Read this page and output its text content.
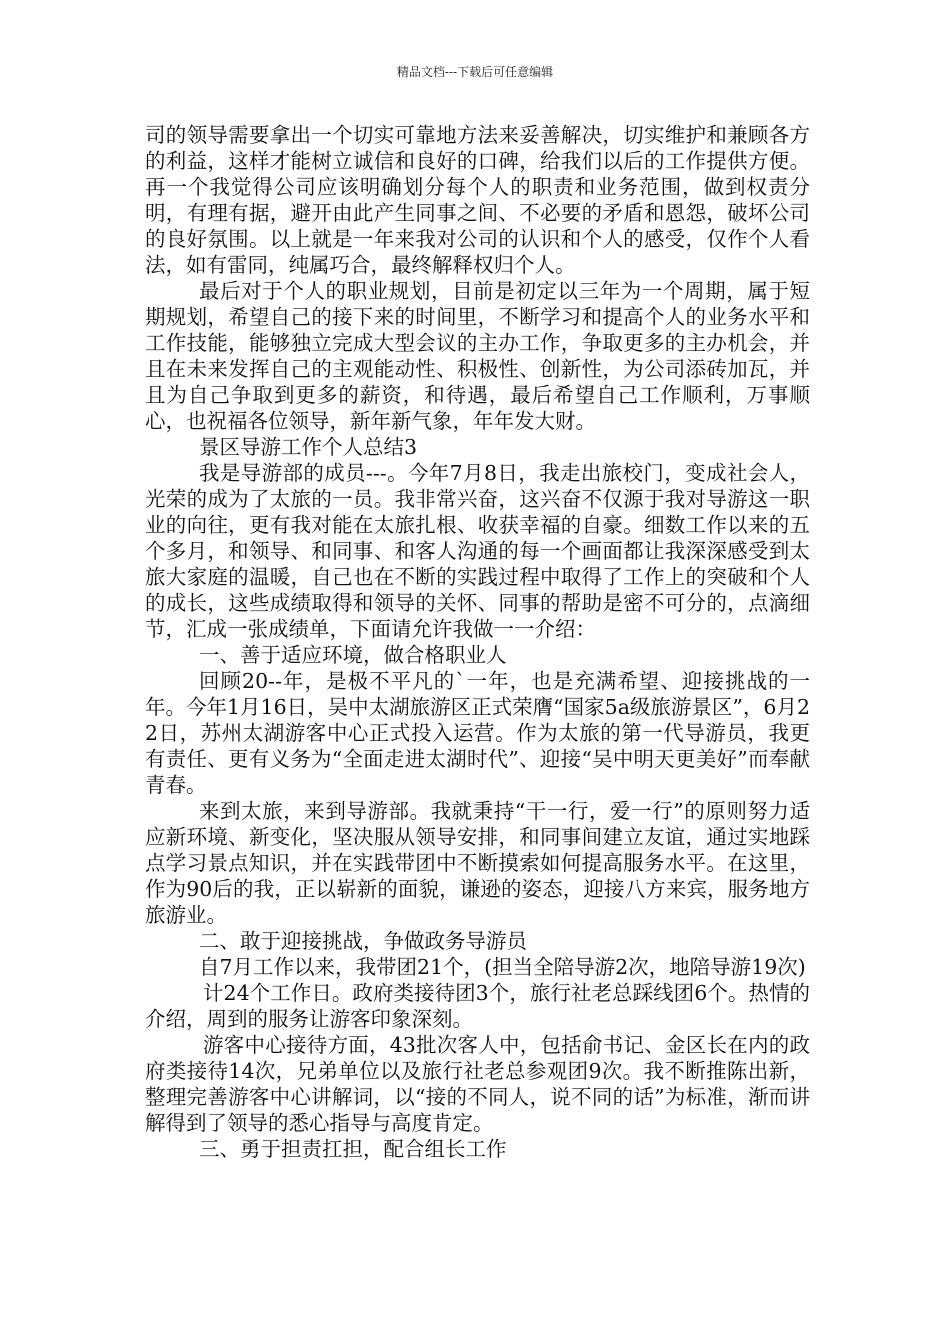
精品文档---下载后可任意编辑

司的领导需要拿出一个切实可靠地方法来妥善解决，切实维护和兼顾各方的利益，这样才能树立诚信和良好的口碑，给我们以后的工作提供方便。再一个我觉得公司应该明确划分每个人的职责和业务范围，做到权责分明，有理有据，避开由此产生同事之间、不必要的矛盾和恩怨，破坏公司的良好氛围。以上就是一年来我对公司的认识和个人的感受，仅作个人看法，如有雷同，纯属巧合，最终解释权归个人。

最后对于个人的职业规划，目前是初定以三年为一个周期，属于短期规划，希望自己的接下来的时间里，不断学习和提高个人的业务水平和工作技能，能够独立完成大型会议的主办工作，争取更多的主办机会，并且在未来发挥自己的主观能动性、积极性、创新性，为公司添砖加瓦，并且为自己争取到更多的薪资，和待遇，最后希望自己工作顺利，万事顺心，也祝福各位领导，新年新气象，年年发大财。

景区导游工作个人总结3

我是导游部的成员---。今年7月8日，我走出旅校门，变成社会人，光荣的成为了太旅的一员。我非常兴奋，这兴奋不仅源于我对导游这一职业的向往，更有我对能在太旅扎根、收获幸福的自豪。细数工作以来的五个多月，和领导、和同事、和客人沟通的每一个画面都让我深深感受到太旅大家庭的温暖，自己也在不断的实践过程中取得了工作上的突破和个人的成长，这些成绩取得和领导的关怀、同事的帮助是密不可分的，点滴细节，汇成一张成绩单，下面请允许我做一一介绍：

一、善于适应环境，做合格职业人

回顾20--年，是极不平凡的`一年，也是充满希望、迎接挑战的一年。今年1月16日，吴中太湖旅游区正式荣膺“国家5a级旅游景区”，6月22日，苏州太湖游客中心正式投入运营。作为太旅的第一代导游员，我更有责任、更有义务为“全面走进太湖时代”、迎接“吴中明天更美好”而奉献青春。

来到太旅，来到导游部。我就秉持“干一行，爱一行”的原则努力适应新环境、新变化，坚决服从领导安排，和同事间建立友谊，通过实地踩点学习景点知识，并在实践带团中不断摸索如何提高服务水平。在这里，作为90后的我，正以崭新的面貌，谦逊的姿态，迎接八方来宾，服务地方旅游业。

二、敢于迎接挑战，争做政务导游员

自7月工作以来，我带团21个，(担当全陪导游2次，地陪导游19次)

计24个工作日。政府类接待团3个，旅行社老总踩线团6个。热情的介绍，周到的服务让游客印象深刻。

游客中心接待方面，43批次客人中，包括俞书记、金区长在内的政府类接待14次，兄弟单位以及旅行社老总参观团9次。我不断推陈出新，整理完善游客中心讲解词，以“接的不同人，说不同的话”为标准，渐而讲解得到了领导的悉心指导与高度肯定。

三、勇于担责扛担，配合组长工作
